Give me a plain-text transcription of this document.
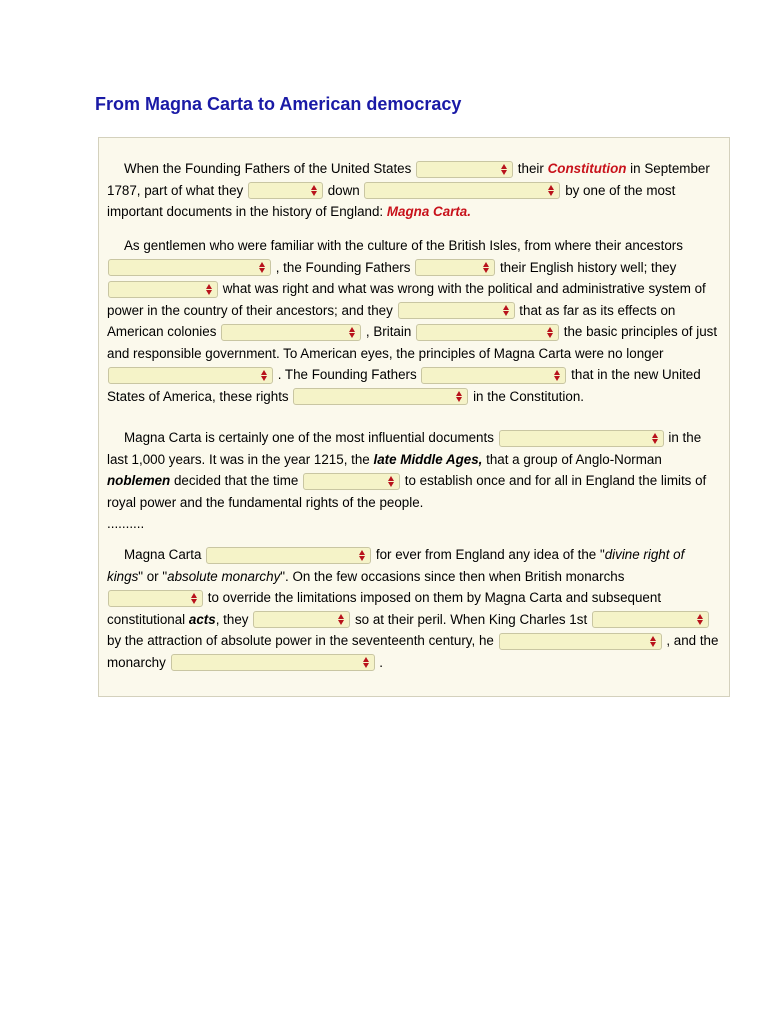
From Magna Carta to American democracy
When the Founding Fathers of the United States	their Constitution in September 1787, part of what they	down	by one of the most important documents in the history of England: Magna Carta.
As gentlemen who were familiar with the culture of the British Isles, from where their ancestors
, the Founding Fathers	their English history well; they
what was right and what was wrong with the political and administrative system of power in the country of their ancestors; and they	that as far as its effects on American colonies	, Britain	the basic principles of just and responsible government. To American eyes, the principles of Magna Carta were no longer
. The Founding Fathers	that in the new United States of America, these rights	in the Constitution.
Magna Carta is certainly one of the most influential documents	in the last 1,000 years. It was in the year 1215, the late Middle Ages, that a group of Anglo-Norman noblemen decided that the time	to establish once and for all in England the limits of royal power and the fundamental rights of the people.
..........
Magna Carta	for ever from England any idea of the "divine right of kings" or "absolute monarchy". On the few occasions since then when British monarchs
to override the limitations imposed on them by Magna Carta and subsequent constitutional acts, they	so at their peril. When King Charles 1st
by the attraction of absolute power in the seventeenth century, he	, and the monarchy	.
